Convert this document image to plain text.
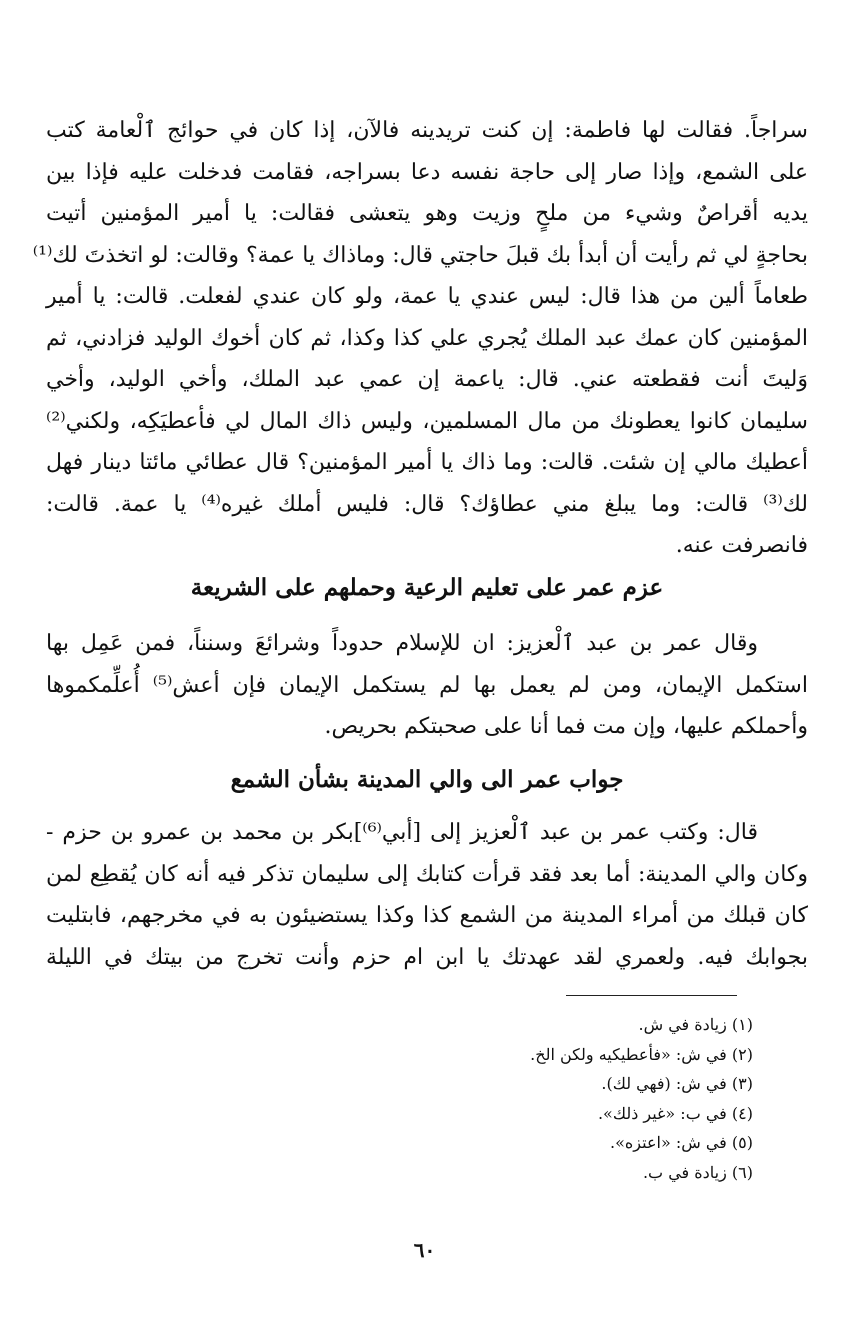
سراجاً. فقالت لها فاطمة: إن كنت تريدينه فالآن، إذا كان في حوائج ٱلْعامة كتب
على الشمع، وإذا صار إلى حاجة نفسه دعا بسراجه، فقامت فدخلت عليه فإذا بين
يديه أقراصٌ وشيء من ملحٍ وزيت وهو يتعشى فقالت: يا أمير المؤمنين أتيت
بحاجةٍ لي ثم رأيت أن أبدأ بك قبلَ حاجتي قال: وماذاك يا عمة؟ وقالت: لو اتخذتَ لك⁽¹⁾
طعاماً ألين من هذا قال: ليس عندي يا عمة، ولو كان عندي لفعلت. قالت: يا أمير
المؤمنين كان عمك عبد الملك يُجري علي كذا وكذا، ثم كان أخوك الوليد فزادني، ثم
وَليتَ أنت فقطعته عني. قال: ياعمة إن عمي عبد الملك، وأخي الوليد، وأخي
سليمان كانوا يعطونك من مال المسلمين، وليس ذاك المال لي فأعطيَكِه، ولكني⁽²⁾
أعطيك مالي إن شئت. قالت: وما ذاك يا أمير المؤمنين؟ قال عطائي مائتا دينار فهل
لك⁽³⁾ قالت: وما يبلغ مني عطاؤك؟ قال: فليس أملك غيره⁽⁴⁾ يا عمة. قالت:
فانصرفت عنه.
عزم عمر على تعليم الرعية وحملهم على الشريعة
وقال عمر بن عبد ٱلْعزيز: ان للإسلام حدوداً وشرائعَ وسنناً، فمن عَمِل بها
استكمل الإيمان، ومن لم يعمل بها لم يستكمل الإيمان فإن أعش⁽⁵⁾ أُعلِّمكموها
وأحملكم عليها، وإن مت فما أنا على صحبتكم بحريص.
جواب عمر الى والي المدينة بشأن الشمع
قال: وكتب عمر بن عبد ٱلْعزيز إلى [أبي⁽⁶⁾]بكر بن محمد بن عمرو بن حزم -
وكان والي المدينة: أما بعد فقد قرأت كتابك إلى سليمان تذكر فيه أنه كان يُقطِع لمن
كان قبلك من أمراء المدينة من الشمع كذا وكذا يستضيئون به في مخرجهم، فابتليت
بجوابك فيه. ولعمري لقد عهدتك يا ابن ام حزم وأنت تخرج من بيتك في الليلة
(١) زيادة في ش.
(٢) في ش: «فأعطيكيه ولكن الخ.
(٣) في ش: (فهي لك).
(٤) في ب: «غير ذلك».
(٥) في ش: «اعتزه».
(٦) زيادة في ب.
٦٠
